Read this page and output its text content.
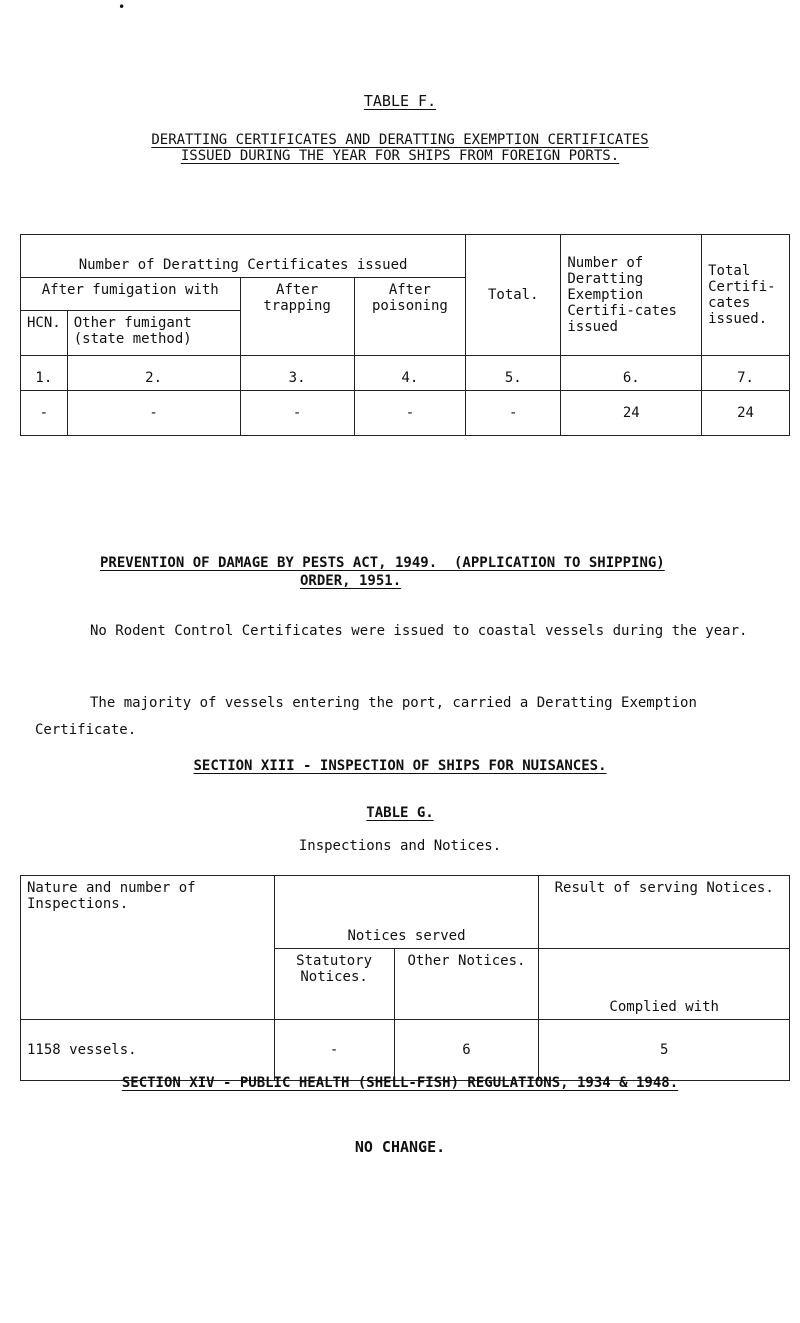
•
TABLE F.
DERATTING CERTIFICATES AND DERATTING EXEMPTION CERTIFICATES
ISSUED DURING THE YEAR FOR SHIPS FROM FOREIGN PORTS.
Number of Deratting Certificates issued				Total.	Number of Deratting Exemption Certifi-cates issued	Total Certifi-cates issued.
After fumigation with		After trapping	After poisoning			
HCN.	Other fumigant (state method)					
1.	2.	3.	4.	5.	6.	7.
-	-	-	-	-	24	24
PREVENTION OF DAMAGE BY PESTS ACT, 1949.  (APPLICATION TO SHIPPING)
ORDER, 1951.
No Rodent Control Certificates were issued to coastal vessels during the year.
The majority of vessels entering the port, carried a Deratting Exemption Certificate.
SECTION XIII - INSPECTION OF SHIPS FOR NUISANCES.
TABLE G.
Inspections and Notices.
Nature and number of Inspections.	Notices served		Result of serving Notices.
	Statutory Notices.	Other Notices.	Complied with
1158 vessels.	-	6	5
SECTION XIV - PUBLIC HEALTH (SHELL-FISH) REGULATIONS, 1934 & 1948.
NO CHANGE.
